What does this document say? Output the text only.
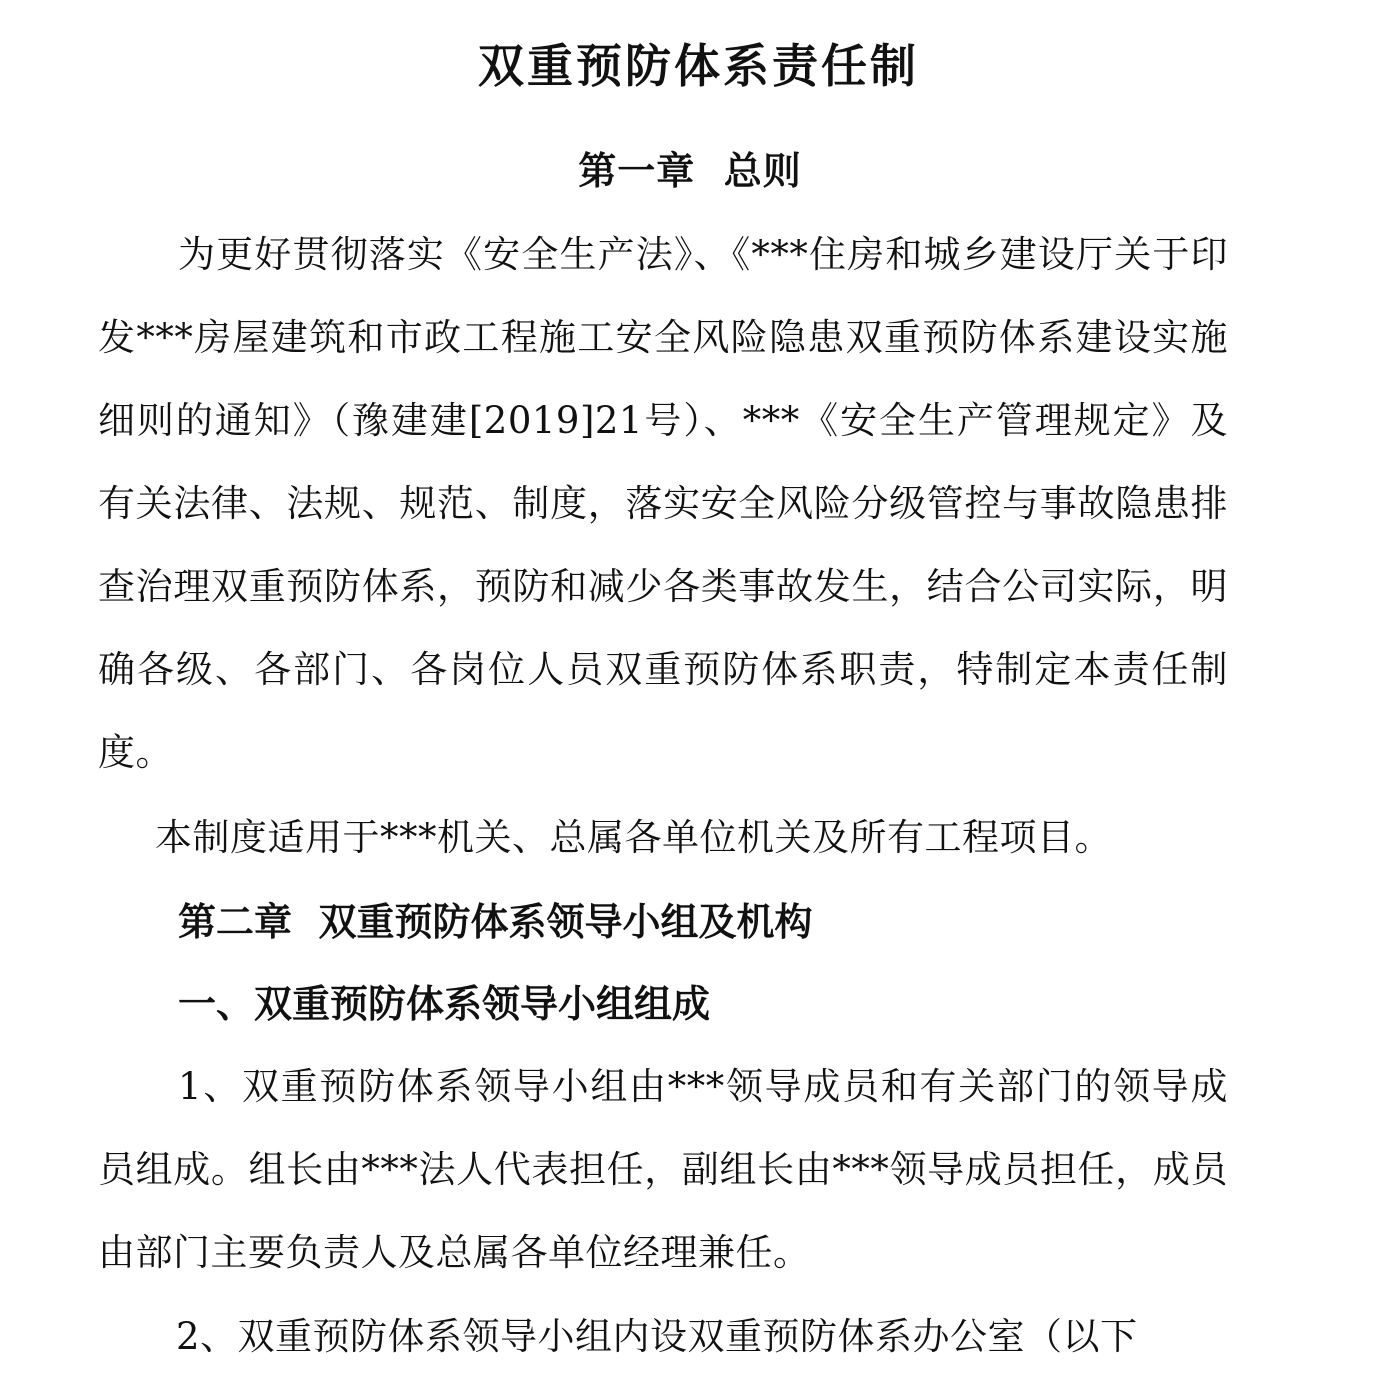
双重预防体系责任制
第一章  总则

为更好贯彻落实《安全生产法》、《***住房和城乡建设厅关于印发***房屋建筑和市政工程施工安全风险隐患双重预防体系建设实施细则的通知》（豫建建[2019]21号）、***《安全生产管理规定》及有关法律、法规、规范、制度，落实安全风险分级管控与事故隐患排查治理双重预防体系，预防和减少各类事故发生，结合公司实际，明确各级、各部门、各岗位人员双重预防体系职责，特制定本责任制度。

本制度适用于***机关、总属各单位机关及所有工程项目。

第二章  双重预防体系领导小组及机构
一、双重预防体系领导小组组成

1、双重预防体系领导小组由***领导成员和有关部门的领导成员组成。组长由***法人代表担任，副组长由***领导成员担任，成员由部门主要负责人及总属各单位经理兼任。

2、双重预防体系领导小组内设双重预防体系办公室（以下
